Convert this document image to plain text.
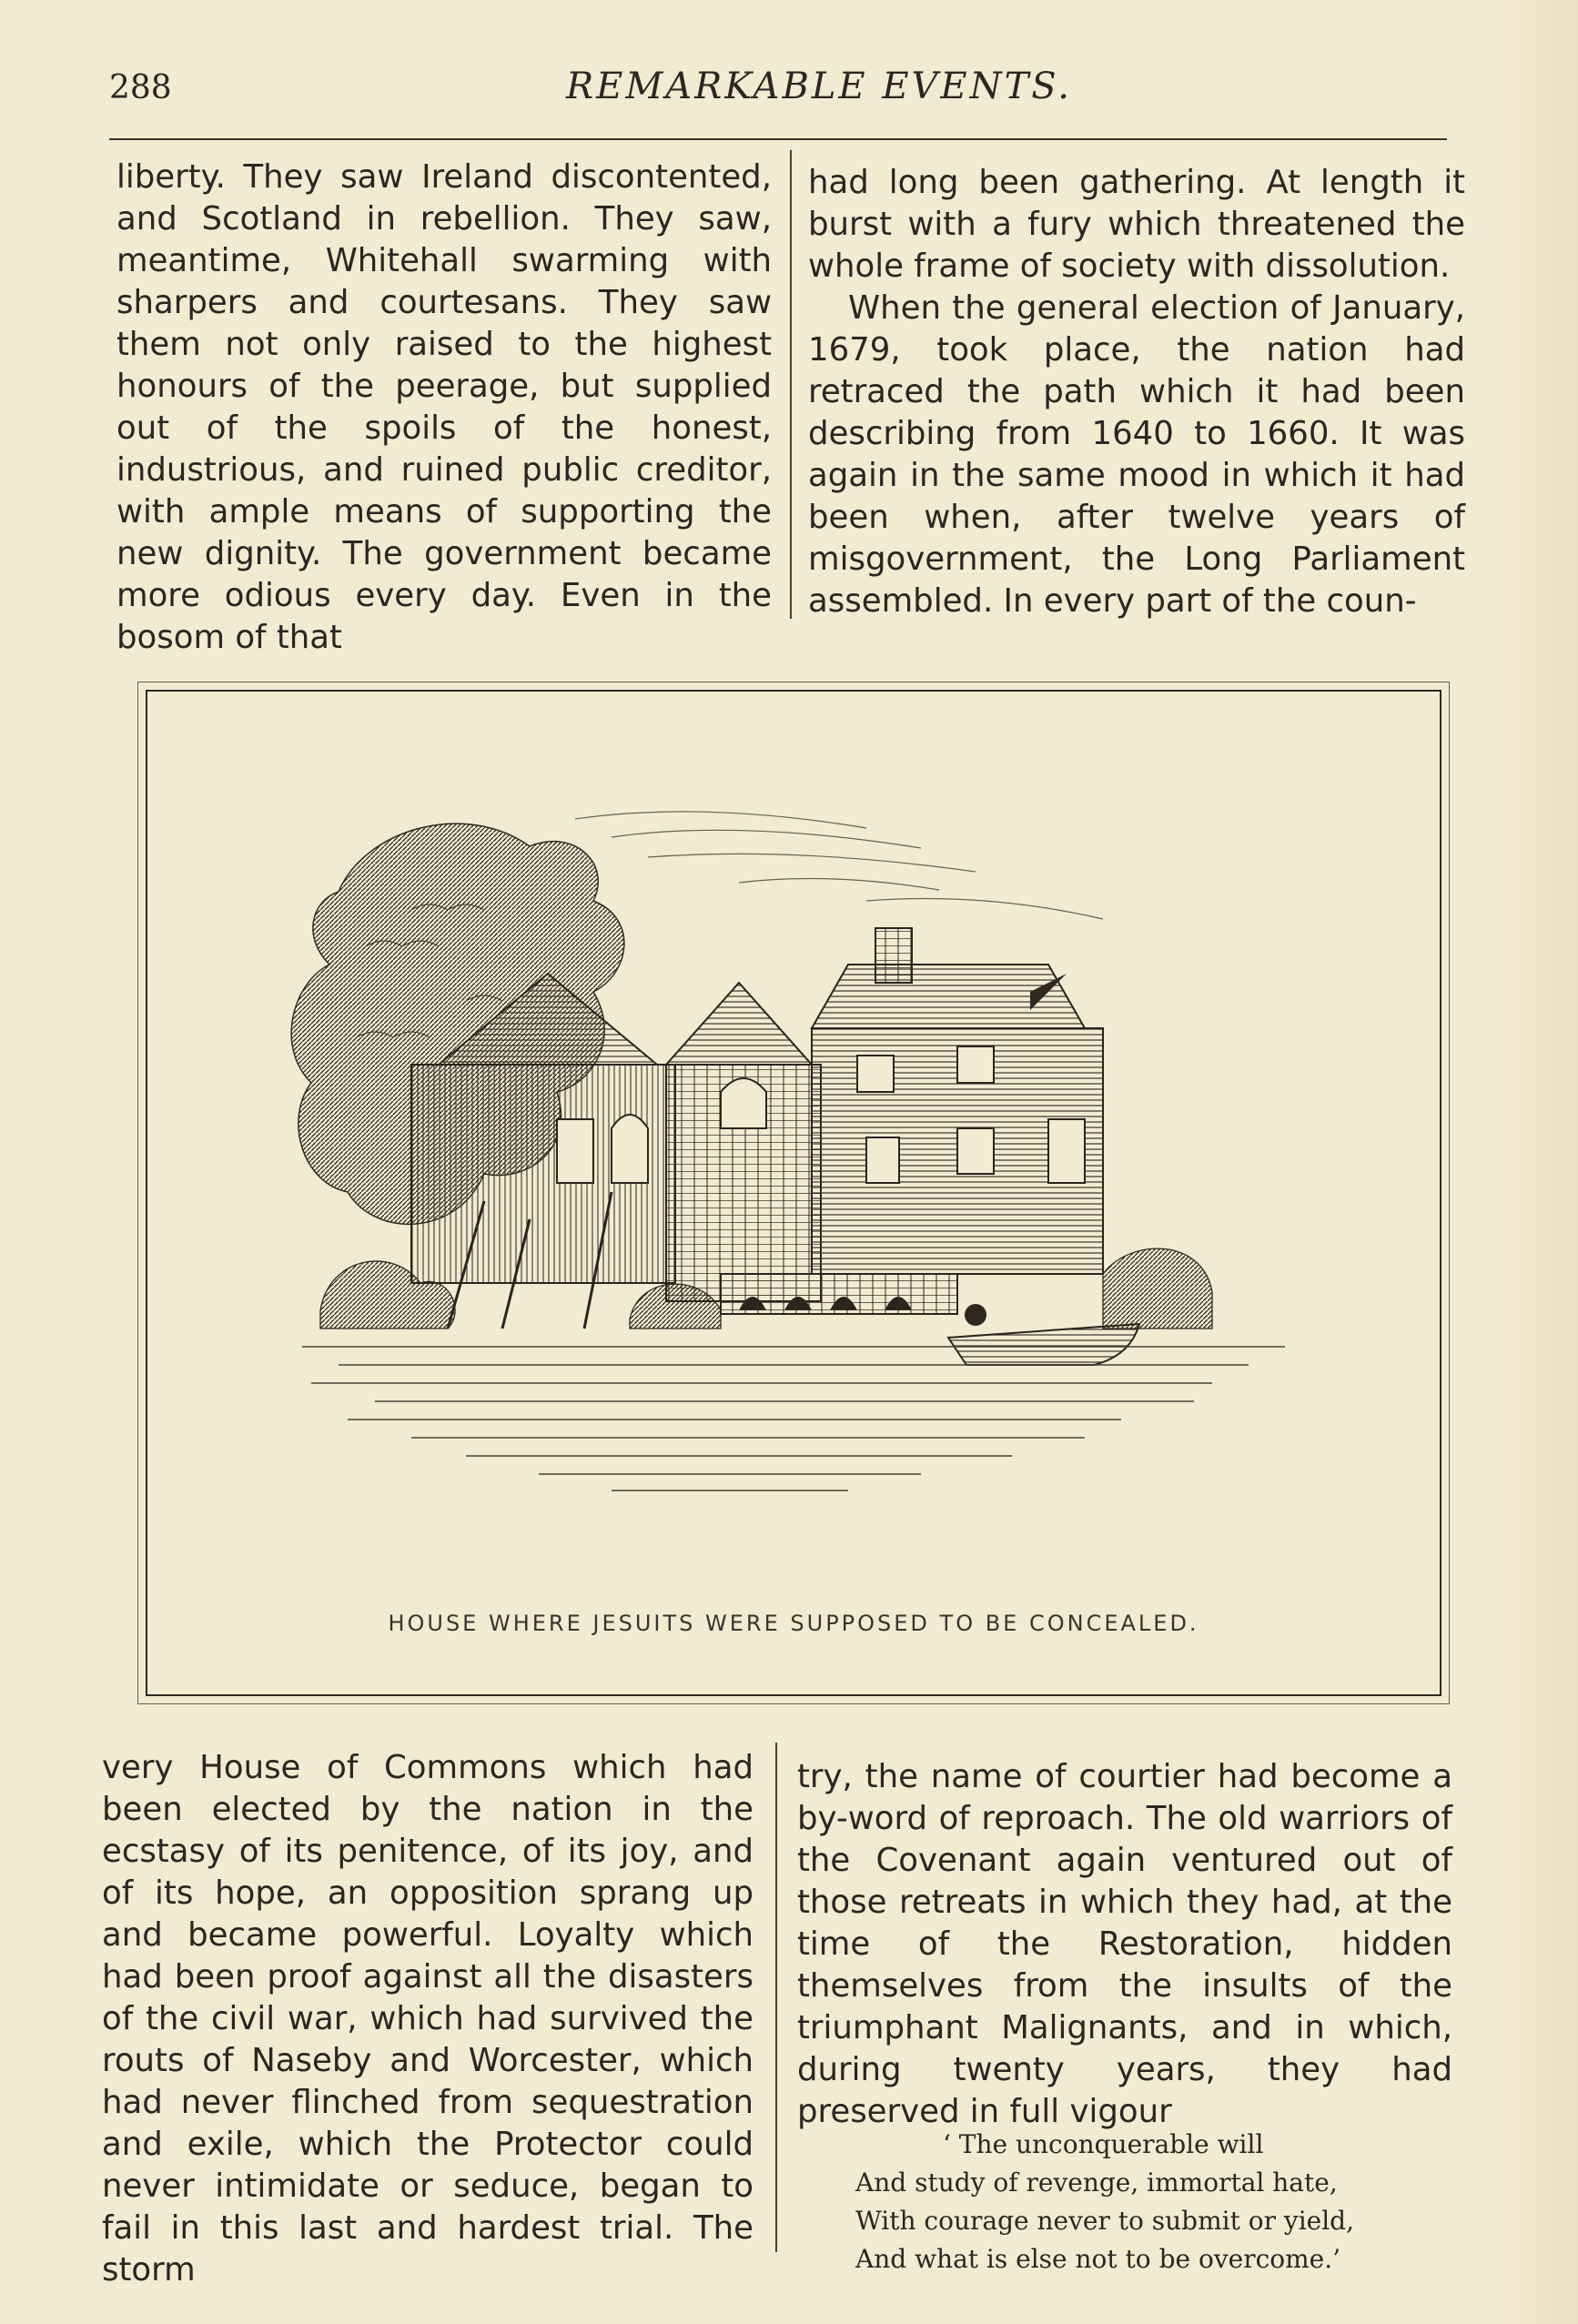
288	REMARKABLE EVENTS.

liberty. They saw Ireland discontented, and Scotland in rebellion. They saw, meantime, Whitehall swarming with sharpers and courtesans. They saw them not only raised to the highest honours of the peerage, but supplied out of the spoils of the honest, industrious, and ruined public creditor, with ample means of supporting the new dignity. The government became more odious every day. Even in the bosom of that

had long been gathering. At length it burst with a fury which threatened the whole frame of society with dissolution.

When the general election of January, 1679, took place, the nation had retraced the path which it had been describing from 1640 to 1660. It was again in the same mood in which it had been when, after twelve years of misgovernment, the Long Parliament assembled. In every part of the coun-

HOUSE WHERE JESUITS WERE SUPPOSED TO BE CONCEALED.

very House of Commons which had been elected by the nation in the ecstasy of its penitence, of its joy, and of its hope, an opposition sprang up and became powerful. Loyalty which had been proof against all the disasters of the civil war, which had survived the routs of Naseby and Worcester, which had never flinched from sequestration and exile, which the Protector could never intimidate or seduce, began to fail in this last and hardest trial. The storm

try, the name of courtier had become a by-word of reproach. The old warriors of the Covenant again ventured out of those retreats in which they had, at the time of the Restoration, hidden themselves from the insults of the triumphant Malignants, and in which, during twenty years, they had preserved in full vigour

‘ The unconquerable will
And study of revenge, immortal hate,
With courage never to submit or yield,
And what is else not to be overcome.’
